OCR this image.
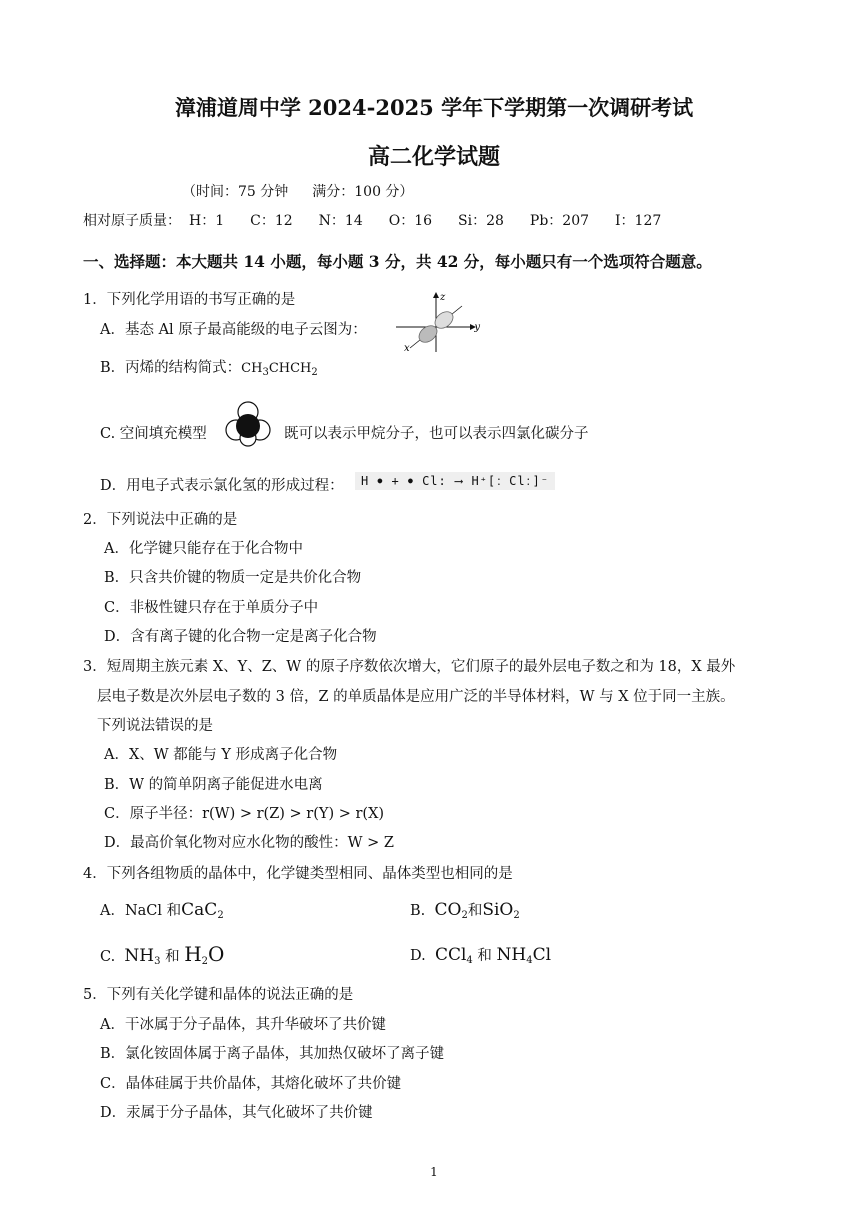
漳浦道周中学 2024-2025 学年下学期第一次调研考试
高二化学试题
（时间：75 分钟 满分：100 分）
相对原子质量： H：1 C：12 N：14 O：16 Si：28 Pb：207 I：127
一、选择题：本大题共 14 小题，每小题 3 分，共 42 分，每小题只有一个选项符合题意。
1．下列化学用语的书写正确的是
A．基态 Al 原子最高能级的电子云图为：	y
z
x
B．丙烯的结构简式：$CH_3CHCH_2$
C. 空间填充模型	既可以表示甲烷分子，也可以表示四氯化碳分子
D．用电子式表示氯化氢的形成过程：	H ● + ● Cl: ⟶ H⁺[：Cl：]⁻
2．下列说法中正确的是
A．化学键只能存在于化合物中
B．只含共价键的物质一定是共价化合物
C．非极性键只存在于单质分子中
D．含有离子键的化合物一定是离子化合物
3．短周期主族元素 X、Y、Z、W 的原子序数依次增大，它们原子的最外层电子数之和为 18，X 最外
层电子数是次外层电子数的 3 倍，Z 的单质晶体是应用广泛的半导体材料，W 与 X 位于同一主族。
下列说法错误的是
A．X、W 都能与 Y 形成离子化合物
B．W 的简单阴离子能促进水电离
C．原子半径：r(W) > r(Z) > r(Y) > r(X)
D．最高价氧化物对应水化物的酸性：W > Z
4．下列各组物质的晶体中，化学键类型相同、晶体类型也相同的是
A．NaCl 和CaC$_2$	B. $CO_2$和SiO$_2$
C. $NH_3$ 和 $H_2O$	D. CCl$_4$ 和 $NH_4Cl$
5．下列有关化学键和晶体的说法正确的是
A．干冰属于分子晶体，其升华破坏了共价键
B．氯化铵固体属于离子晶体，其加热仅破坏了离子键
C．晶体硅属于共价晶体，其熔化破坏了共价键
D．汞属于分子晶体，其气化破坏了共价键
1
